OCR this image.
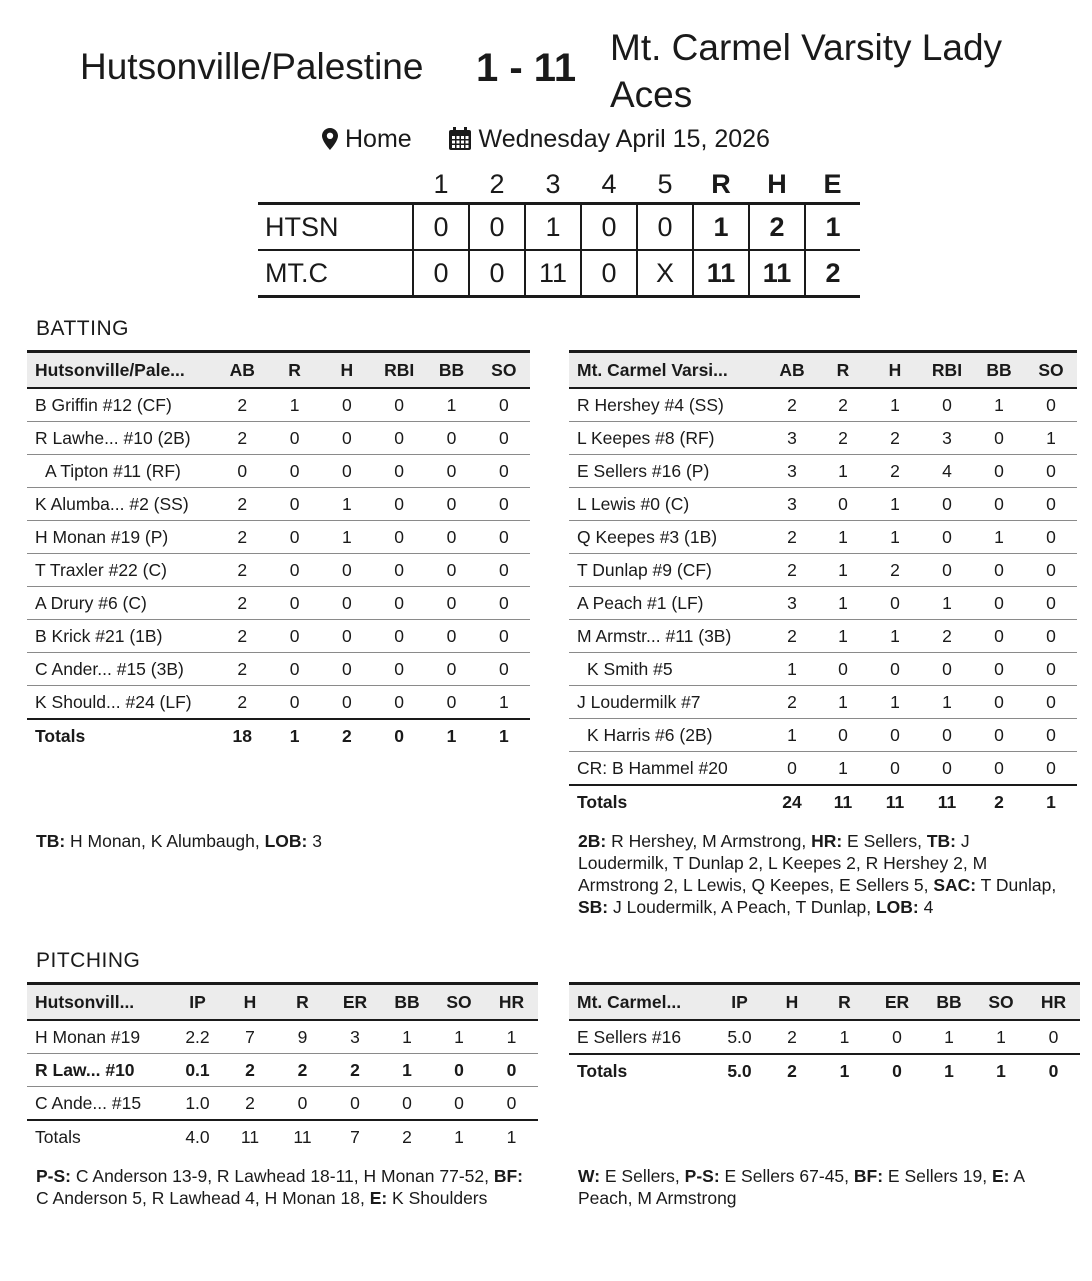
Hutsonville/Palestine 1 - 11 Mt. Carmel Varsity Lady Aces
Home	Wednesday April 15, 2026
	1	2	3	4	5	R	H	E
HTSN	0	0	1	0	0	1	2	1
MT.C	0	0	11	0	X	11	11	2
BATTING
Hutsonville/Pale...	AB	R	H	RBI	BB	SO
B Griffin #12 (CF)	2	1	0	0	1	0
R Lawhe... #10 (2B)	2	0	0	0	0	0
A Tipton #11 (RF)	0	0	0	0	0	0
K Alumba... #2 (SS)	2	0	1	0	0	0
H Monan #19 (P)	2	0	1	0	0	0
T Traxler #22 (C)	2	0	0	0	0	0
A Drury #6 (C)	2	0	0	0	0	0
B Krick #21 (1B)	2	0	0	0	0	0
C Ander... #15 (3B)	2	0	0	0	0	0
K Should... #24 (LF)	2	0	0	0	0	1
Totals	18	1	2	0	1	1
Mt. Carmel Varsi...	AB	R	H	RBI	BB	SO
R Hershey #4 (SS)	2	2	1	0	1	0
L Keepes #8 (RF)	3	2	2	3	0	1
E Sellers #16 (P)	3	1	2	4	0	0
L Lewis #0 (C)	3	0	1	0	0	0
Q Keepes #3 (1B)	2	1	1	0	1	0
T Dunlap #9 (CF)	2	1	2	0	0	0
A Peach #1 (LF)	3	1	0	1	0	0
M Armstr... #11 (3B)	2	1	1	2	0	0
K Smith #5	1	0	0	0	0	0
J Loudermilk #7	2	1	1	1	0	0
K Harris #6 (2B)	1	0	0	0	0	0
CR: B Hammel #20	0	1	0	0	0	0
Totals	24	11	11	11	2	1
TB: H Monan, K Alumbaugh, LOB: 3	2B: R Hershey, M Armstrong, HR: E Sellers, TB: J Loudermilk, T Dunlap 2, L Keepes 2, R Hershey 2, M Armstrong 2, L Lewis, Q Keepes, E Sellers 5, SAC: T Dunlap, SB: J Loudermilk, A Peach, T Dunlap, LOB: 4
PITCHING
Hutsonvill...	IP	H	R	ER	BB	SO	HR
H Monan #19	2.2	7	9	3	1	1	1
R Law... #10	0.1	2	2	2	1	0	0
C Ande... #15	1.0	2	0	0	0	0	0
Totals	4.0	11	11	7	2	1	1
Mt. Carmel...	IP	H	R	ER	BB	SO	HR
E Sellers #16	5.0	2	1	0	1	1	0
Totals	5.0	2	1	0	1	1	0
P-S: C Anderson 13-9, R Lawhead 18-11, H Monan 77-52, BF: C Anderson 5, R Lawhead 4, H Monan 18, E: K Shoulders
W: E Sellers, P-S: E Sellers 67-45, BF: E Sellers 19, E: A Peach, M Armstrong
